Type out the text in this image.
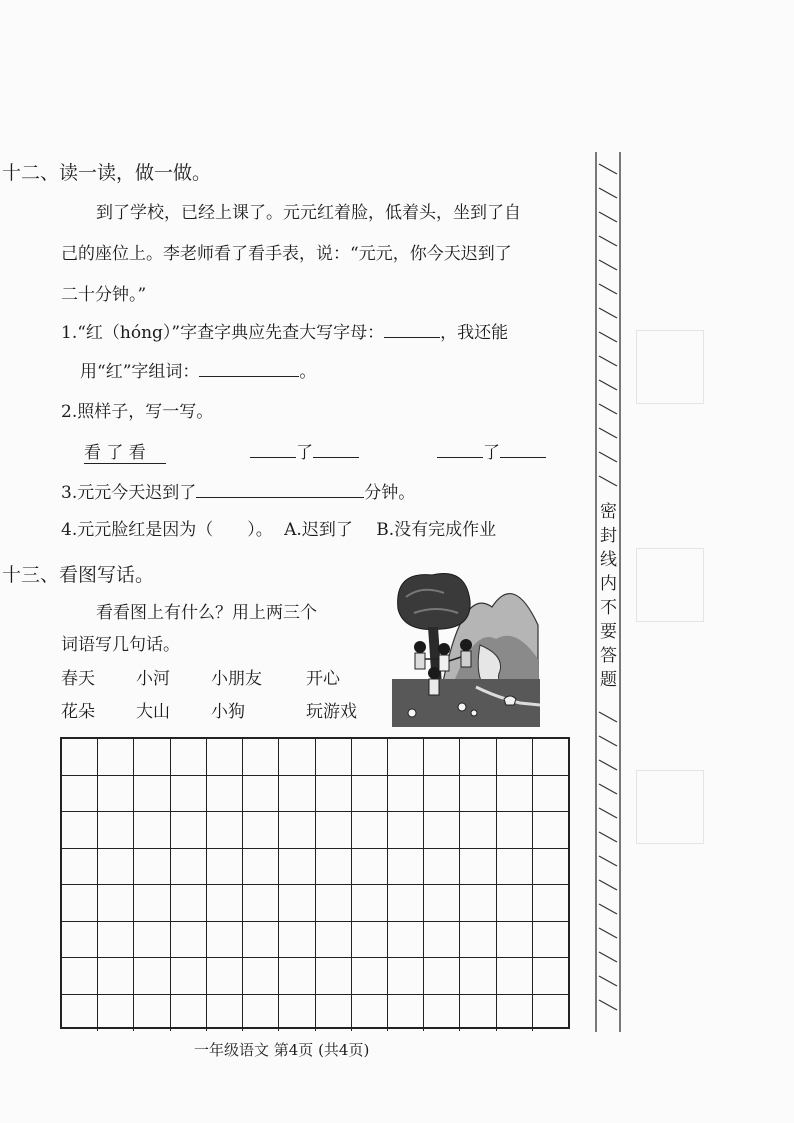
十二、读一读，做一做。
到了学校，已经上课了。元元红着脸，低着头，坐到了自
己的座位上。李老师看了看手表，说：“元元，你今天迟到了
二十分钟。”
1.“红（hóng）”字查字典应先查大写字母：	，我还能
用“红”字组词：	。
2.照样子，写一写。
看 了 看	了	了
3.元元今天迟到了	分钟。
4.元元脸红是因为（　　）。 A.迟到了 B.没有完成作业
十三、看图写话。
看看图上有什么？用上两三个
词语写几句话。
春天 小河 小朋友	开心
花朵 大山 小狗	玩游戏
一年级语文 第4页 (共4页)
密
封
线
内
不
要
答
题
